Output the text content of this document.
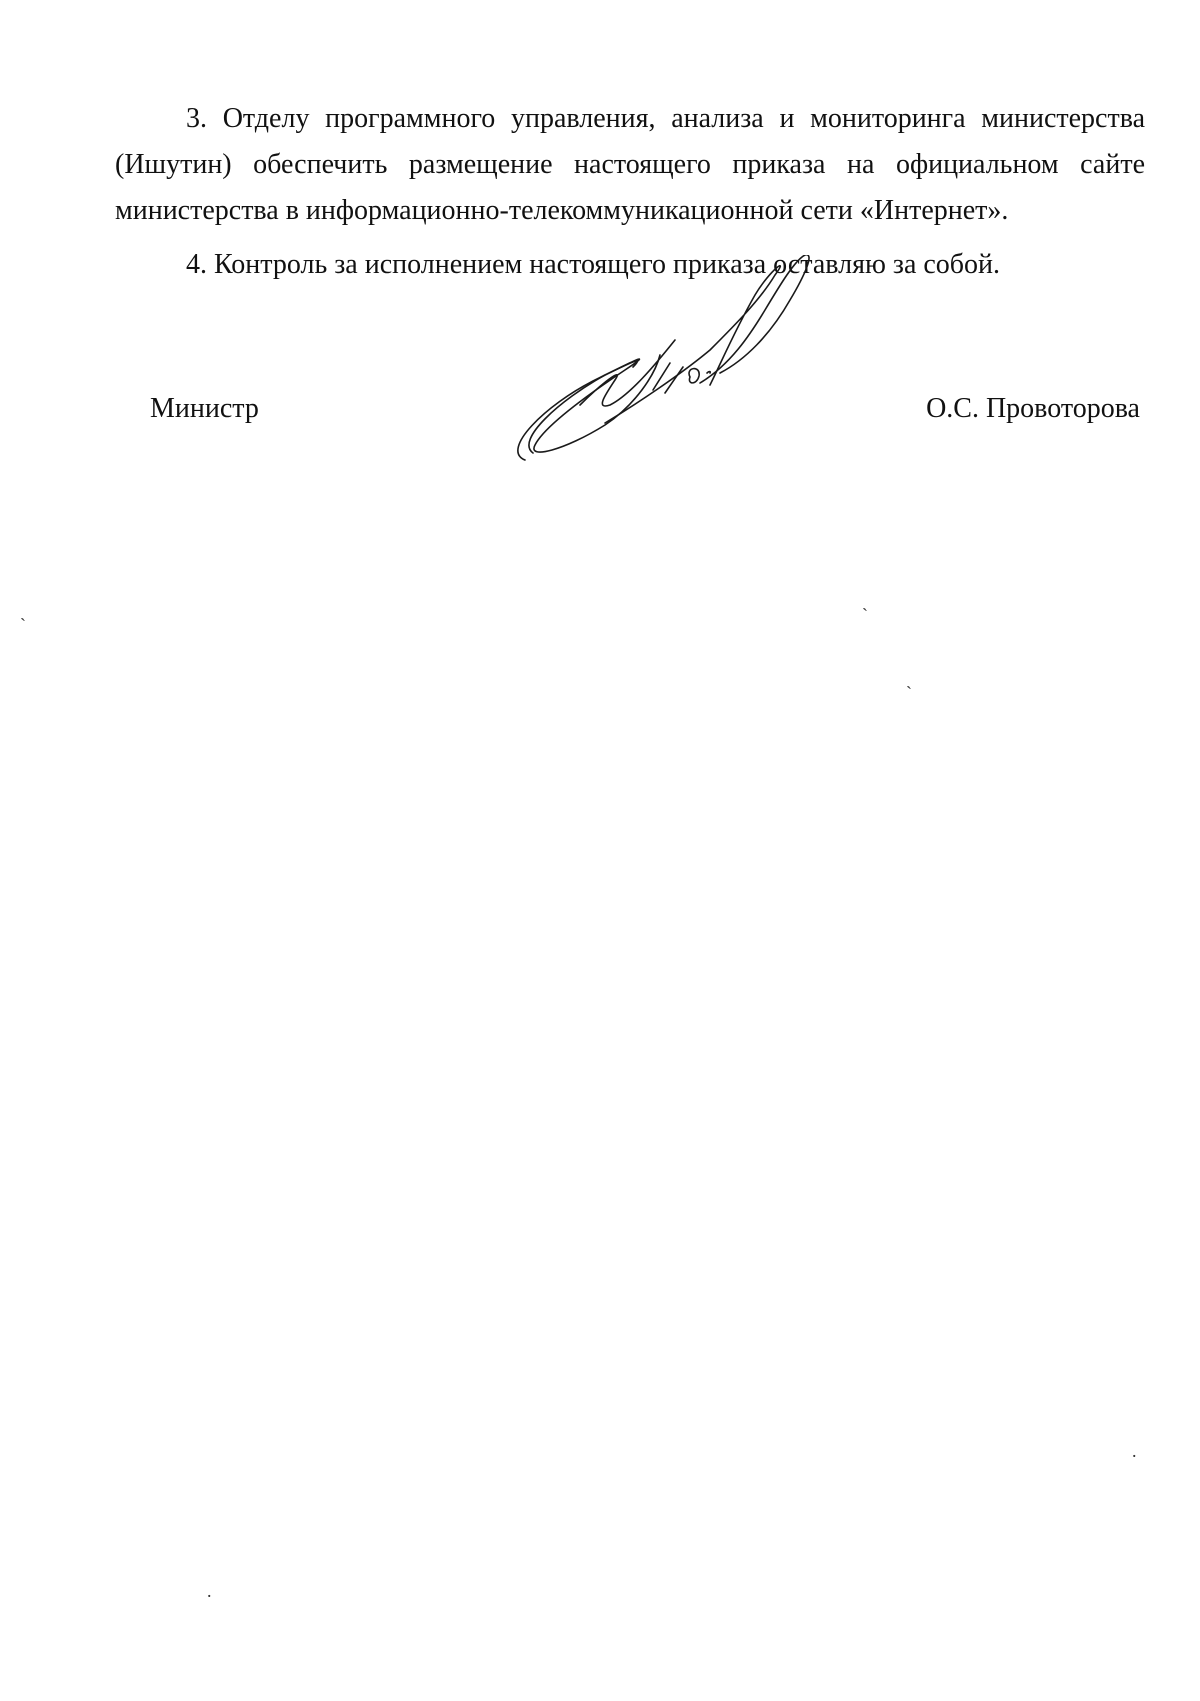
3. Отделу программного управления, анализа и мониторинга министерства (Ишутин) обеспечить размещение настоящего приказа на официальном сайте министерства в информационно-телекоммуникационной сети «Интернет».

4. Контроль за исполнением настоящего приказа оставляю за собой.

Министр	О.С. Провоторова
`	`
`
.
.
